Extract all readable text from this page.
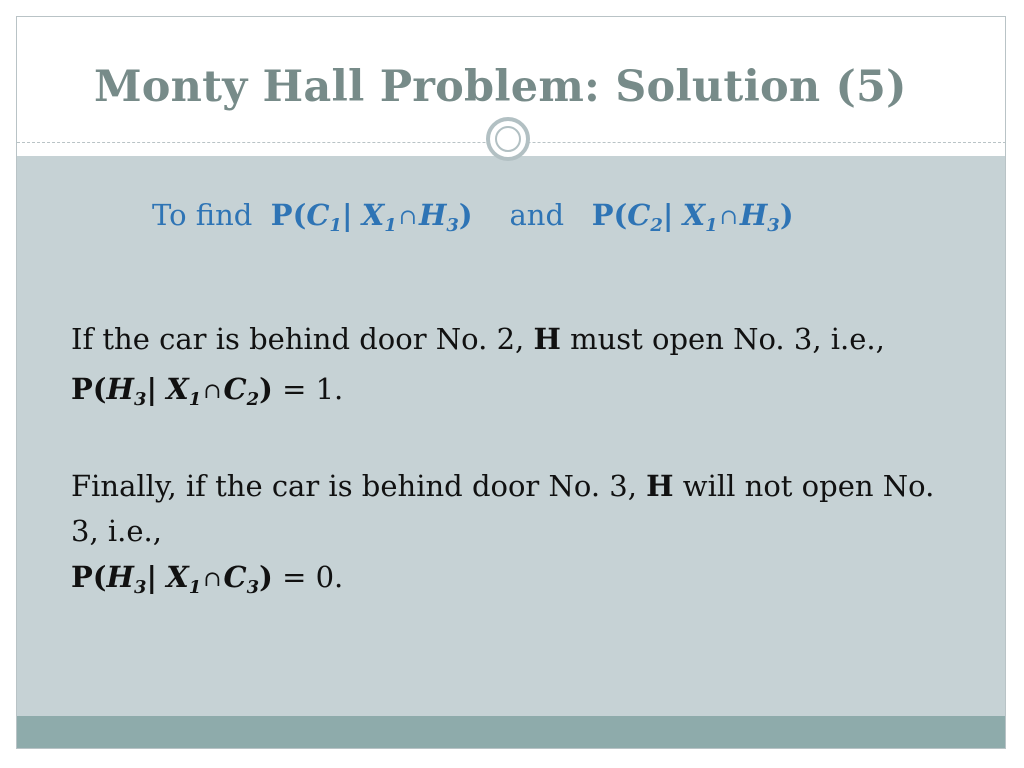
Monty Hall Problem: Solution (5)
To find $P(C_1|$ $X_1\cap H_3$) and $P(C_2|$ $X_1\cap H_3$)
If the car is behind door No. 2, H must open No. 3, i.e.,
$P(H_3|$ $X_1\cap C_2) = 1$.
Finally, if the car is behind door No. 3, H will not open No.
3, i.e.,
$P(H_3|$ $X_1\cap C_3) = 0$.
